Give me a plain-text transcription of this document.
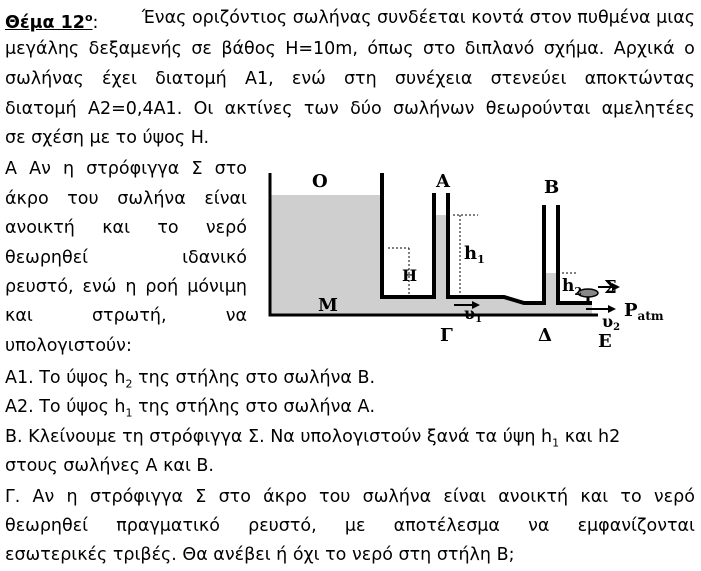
Θέμα $12^o$: Ένας οριζόντιος σωλήνας συνδέεται κοντά στον πυθμένα μιας
μεγάλης δεξαμενής σε βάθος H=10m, όπως στο διπλανό σχήμα. Αρχικά ο
σωλήνας έχει διατομή A1, ενώ στη συνέχεια στενεύει αποκτώντας
διατομή A2=0,4A1. Οι ακτίνες των δύο σωλήνων θεωρούνται αμελητέες
σε σχέση με το ύψος H.
Α Αν η στρόφιγγα Σ στο
άκρο του σωλήνα είναι
ανοικτή και το νερό
θεωρηθεί	ιδανικό
ρευστό, ενώ η ροή μόνιμη
και	στρωτή,	να
υπολογιστούν:
Α1. Το ύψος $h_2$ της στήλης στο σωλήνα Β.
Α2. Το ύψος $h_1$ της στήλης στο σωλήνα Α.
Β. Κλείνουμε τη στρόφιγγα Σ. Να υπολογιστούν ξανά τα ύψη $h_1$ και h2
στους σωλήνες Α και Β.
Γ. Αν η στρόφιγγα Σ στο άκρο του σωλήνα είναι ανοικτή και το νερό
θεωρηθεί πραγματικό ρευστό, με αποτέλεσμα να εμφανίζονται
εσωτερικές τριβές. Θα ανέβει ή όχι το νερό στη στήλη Β;
Ο	Α	Β
H
$h_1$
$h_2$ Σ
$P_{atm}$
Μ	υ1	υ2
Γ	Δ	Ε
